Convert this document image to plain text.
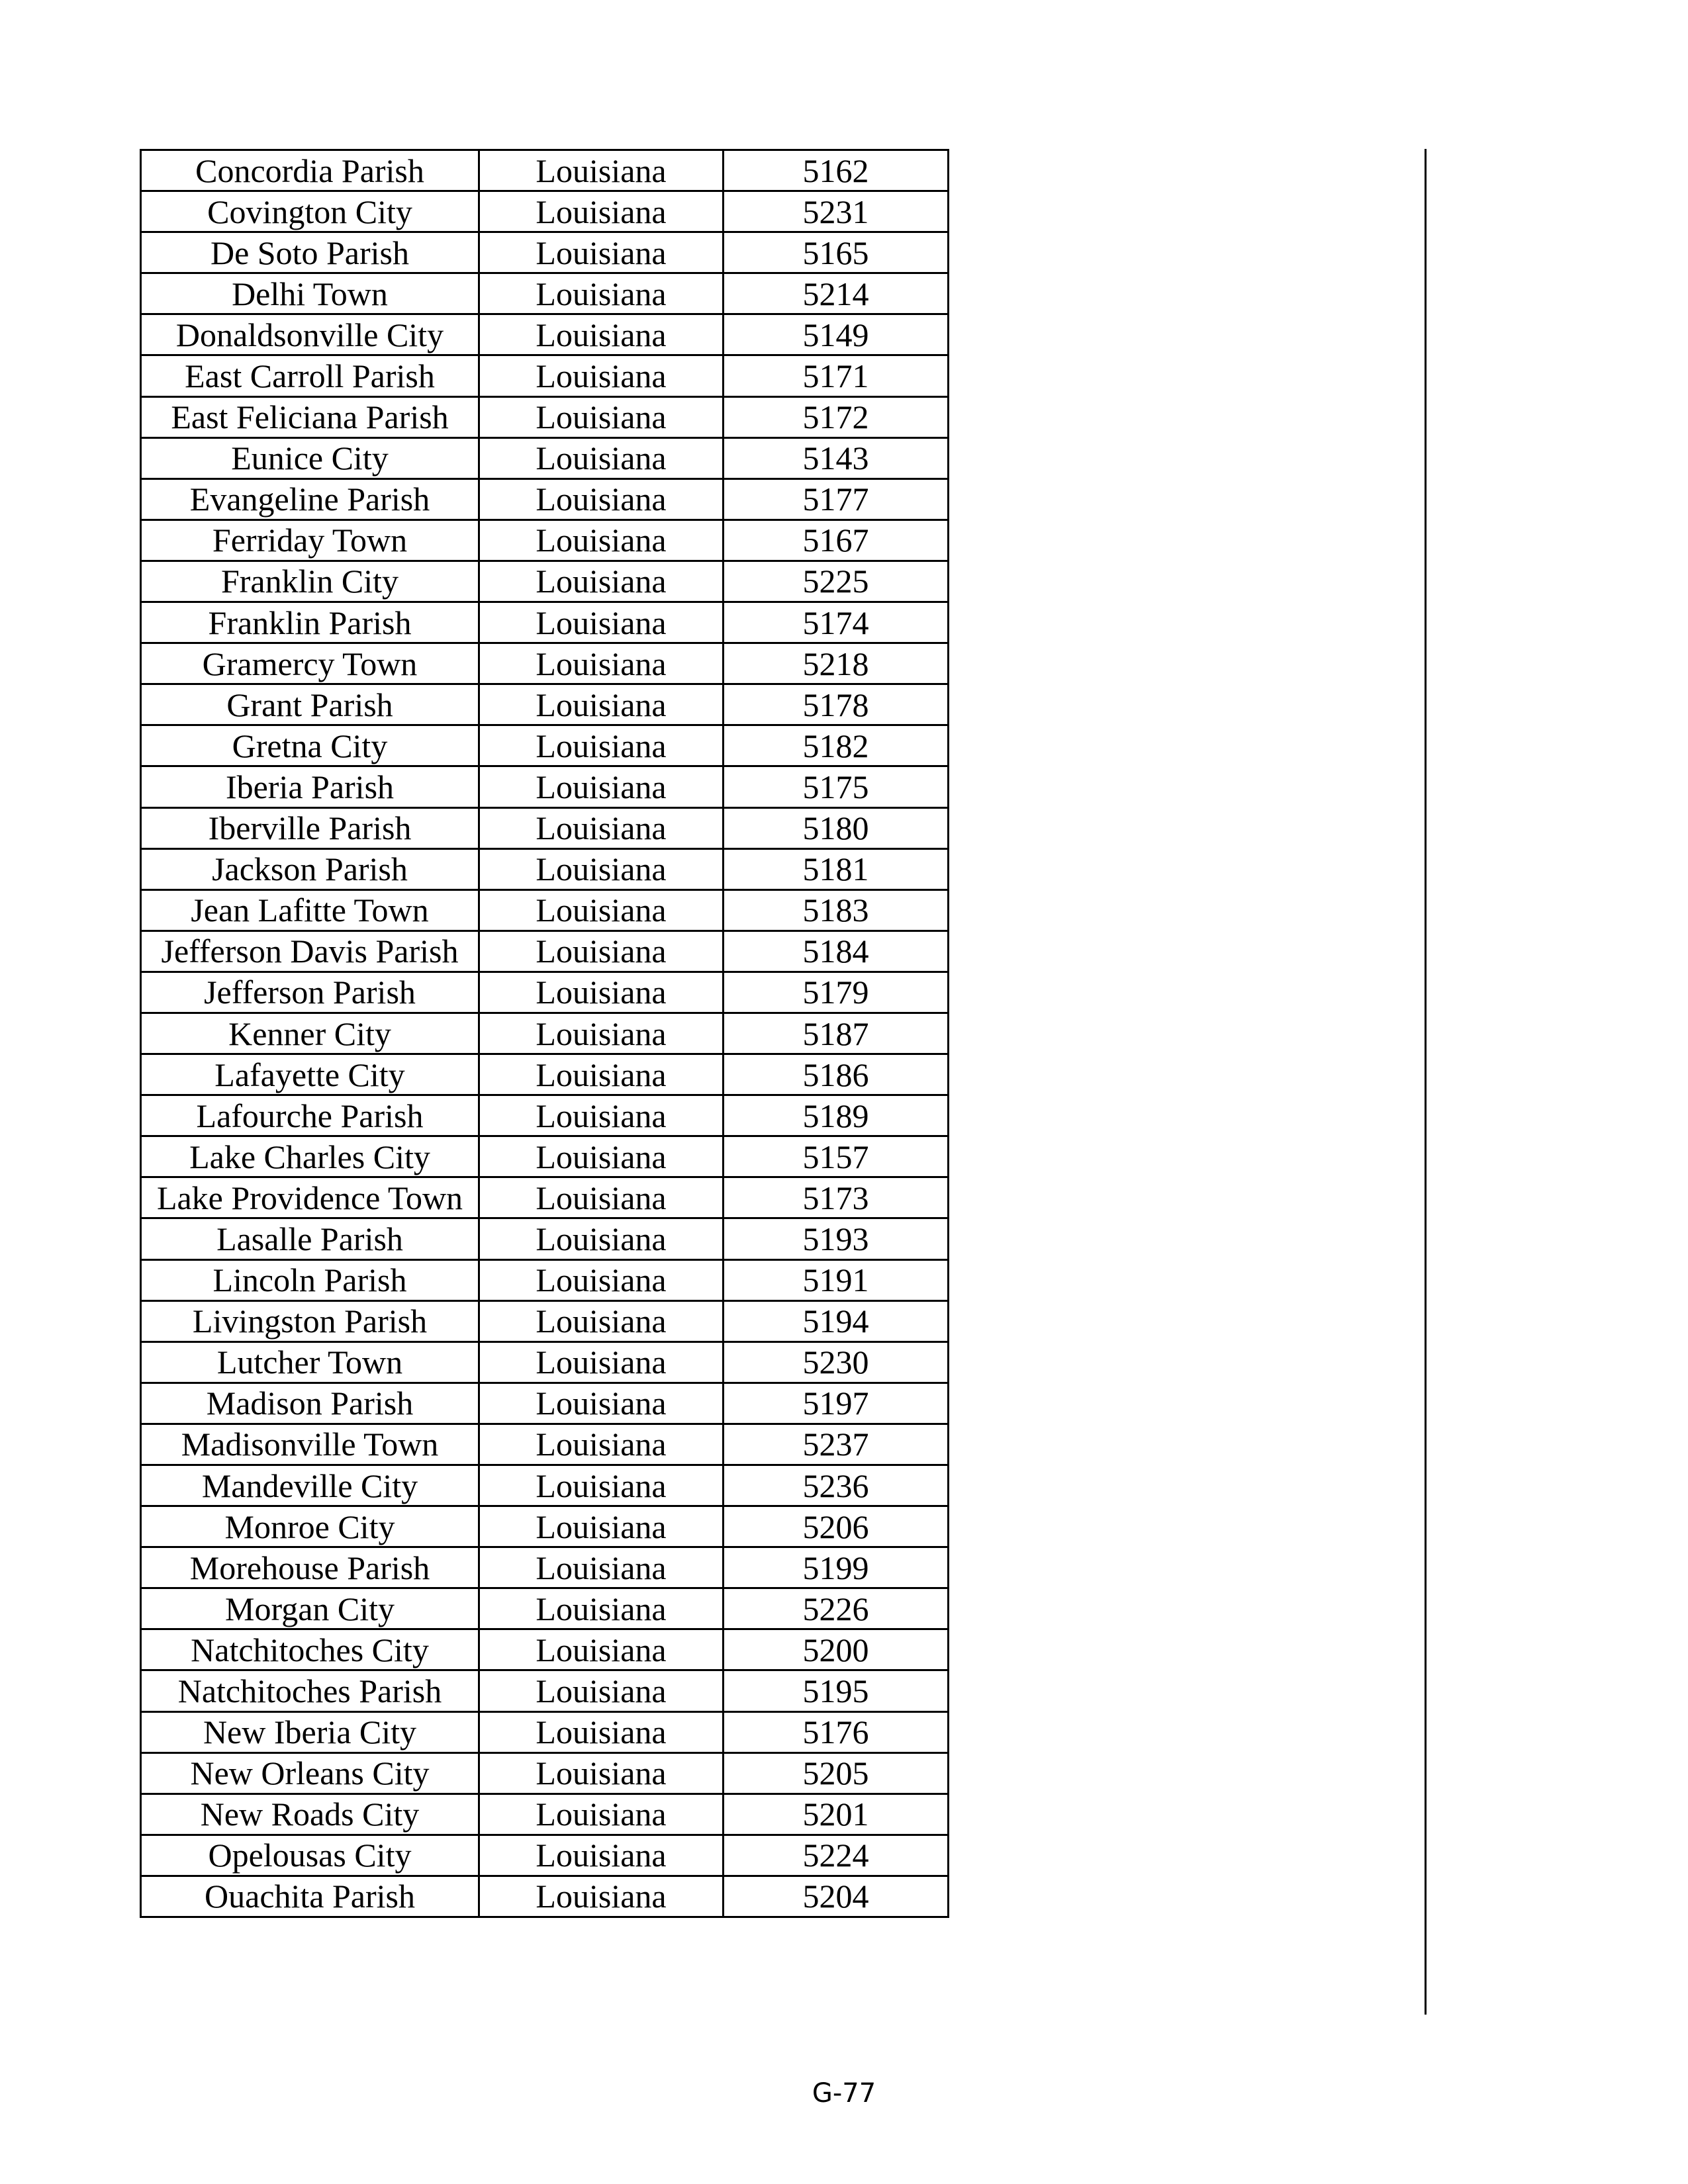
Concordia Parish	Louisiana	5162
Covington City	Louisiana	5231
De Soto Parish	Louisiana	5165
Delhi Town	Louisiana	5214
Donaldsonville City	Louisiana	5149
East Carroll Parish	Louisiana	5171
East Feliciana Parish	Louisiana	5172
Eunice City	Louisiana	5143
Evangeline Parish	Louisiana	5177
Ferriday Town	Louisiana	5167
Franklin City	Louisiana	5225
Franklin Parish	Louisiana	5174
Gramercy Town	Louisiana	5218
Grant Parish	Louisiana	5178
Gretna City	Louisiana	5182
Iberia Parish	Louisiana	5175
Iberville Parish	Louisiana	5180
Jackson Parish	Louisiana	5181
Jean Lafitte Town	Louisiana	5183
Jefferson Davis Parish	Louisiana	5184
Jefferson Parish	Louisiana	5179
Kenner City	Louisiana	5187
Lafayette City	Louisiana	5186
Lafourche Parish	Louisiana	5189
Lake Charles City	Louisiana	5157
Lake Providence Town	Louisiana	5173
Lasalle Parish	Louisiana	5193
Lincoln Parish	Louisiana	5191
Livingston Parish	Louisiana	5194
Lutcher Town	Louisiana	5230
Madison Parish	Louisiana	5197
Madisonville Town	Louisiana	5237
Mandeville City	Louisiana	5236
Monroe City	Louisiana	5206
Morehouse Parish	Louisiana	5199
Morgan City	Louisiana	5226
Natchitoches City	Louisiana	5200
Natchitoches Parish	Louisiana	5195
New Iberia City	Louisiana	5176
New Orleans City	Louisiana	5205
New Roads City	Louisiana	5201
Opelousas City	Louisiana	5224
Ouachita Parish	Louisiana	5204
G-77
